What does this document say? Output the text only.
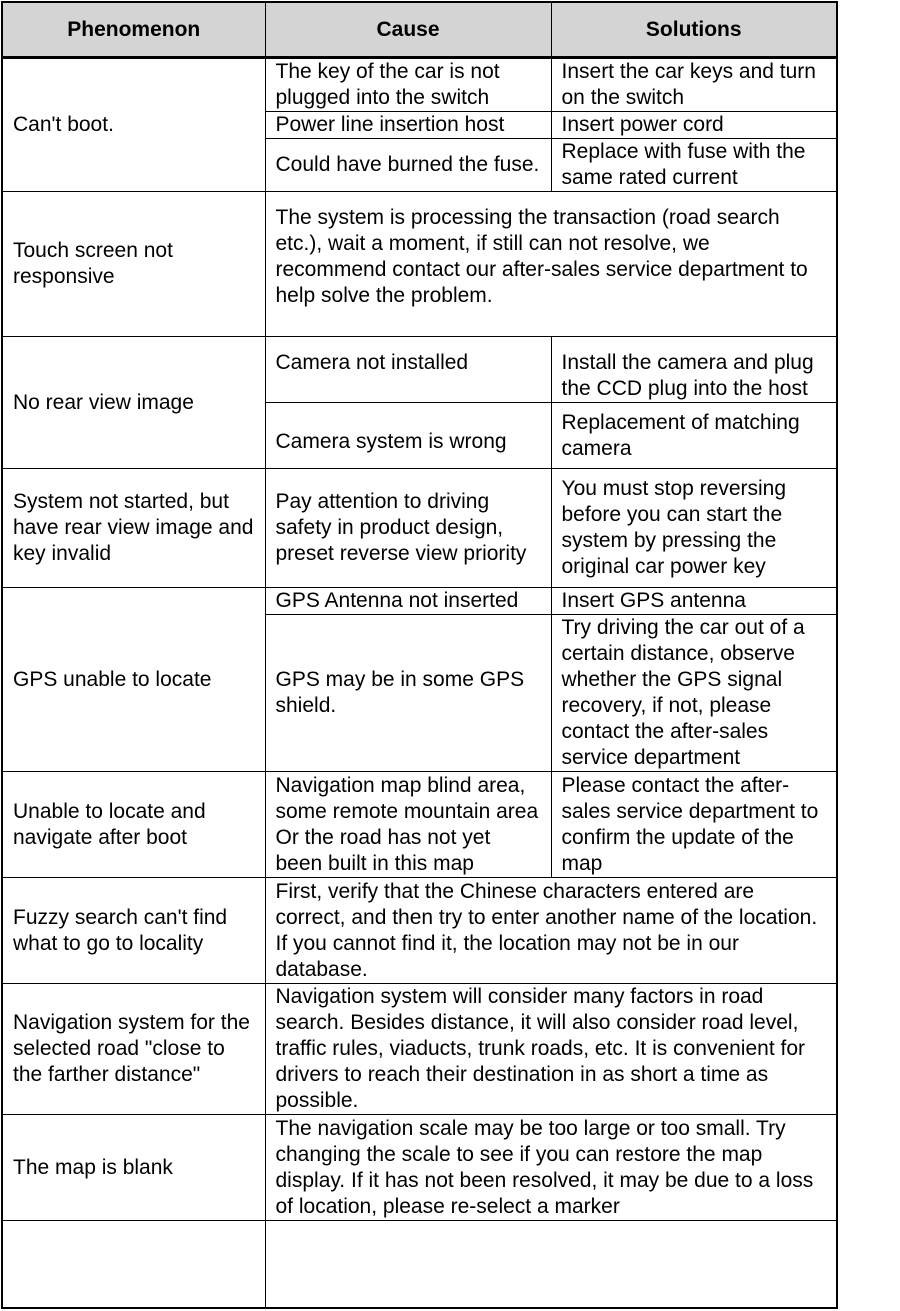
Phenomenon	Cause	Solutions
Can't boot.	The key of the car is not plugged into the switch	Insert the car keys and turn on the switch
	Power line insertion host	Insert power cord
	Could have burned the fuse.	Replace with fuse with the same rated current
Touch screen not responsive	The system is processing the transaction (road search etc.), wait a moment, if still can not resolve, we recommend contact our after-sales service department to help solve the problem.	
No rear view image	Camera not installed	Install the camera and plug the CCD plug into the host
	Camera system is wrong	Replacement of matching camera
System not started, but have rear view image and key invalid	Pay attention to driving safety in product design, preset reverse view priority	You must stop reversing before you can start the system by pressing the original car power key
GPS unable to locate	GPS Antenna not inserted	Insert GPS antenna
	GPS may be in some GPS shield.	Try driving the car out of a certain distance, observe whether the GPS signal recovery, if not, please contact the after-sales service department
Unable to locate and navigate after boot	Navigation map blind area, some remote mountain area Or the road has not yet been built in this map	Please contact the after-sales service department to confirm the update of the map
Fuzzy search can't find what to go to locality	First, verify that the Chinese characters entered are correct, and then try to enter another name of the location. If you cannot find it, the location may not be in our database.	
Navigation system for the selected road "close to the farther distance"	Navigation system will consider many factors in road search. Besides distance, it will also consider road level, traffic rules, viaducts, trunk roads, etc. It is convenient for drivers to reach their destination in as short a time as possible.	
The map is blank	The navigation scale may be too large or too small. Try changing the scale to see if you can restore the map display. If it has not been resolved, it may be due to a loss of location, please re-select a marker	
